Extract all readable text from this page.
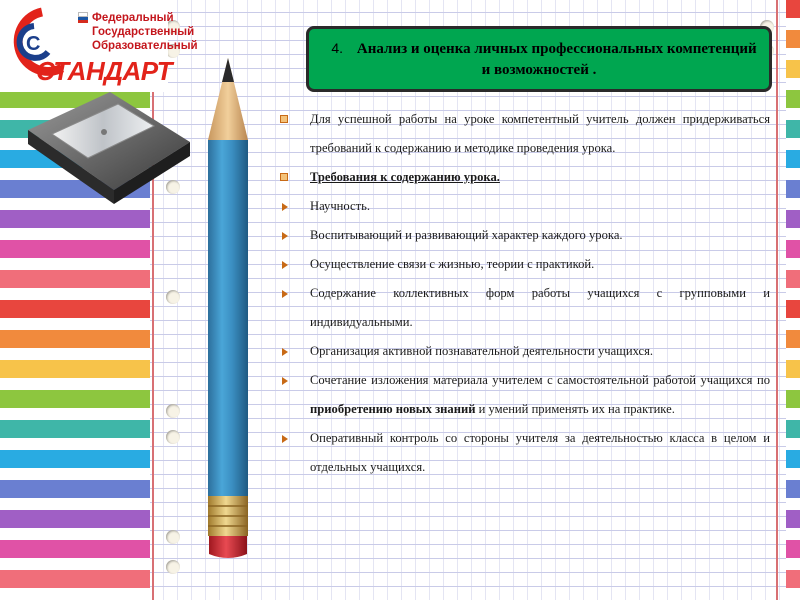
C
Федеральный
Государственный
Образовательный
СТАНДАРТ
4. Анализ и оценка личных профессиональных компетенций и возможностей .
Для успешной работы на уроке компетентный учитель должен придерживаться требований к содержанию и методике проведения урока.
Требования к содержанию урока.
Научность.
Воспитывающий и развивающий характер каждого урока.
Осуществление связи с жизнью, теории с практикой.
Содержание коллективных форм работы учащихся с групповыми и индивидуальными.
Организация активной познавательной деятельности учащихся.
Сочетание изложения материала учителем с самостоятельной работой учащихся по приобретению новых знаний и умений применять их на практике.
Оперативный контроль со стороны учителя за деятельностью класса в целом и отдельных учащихся.
